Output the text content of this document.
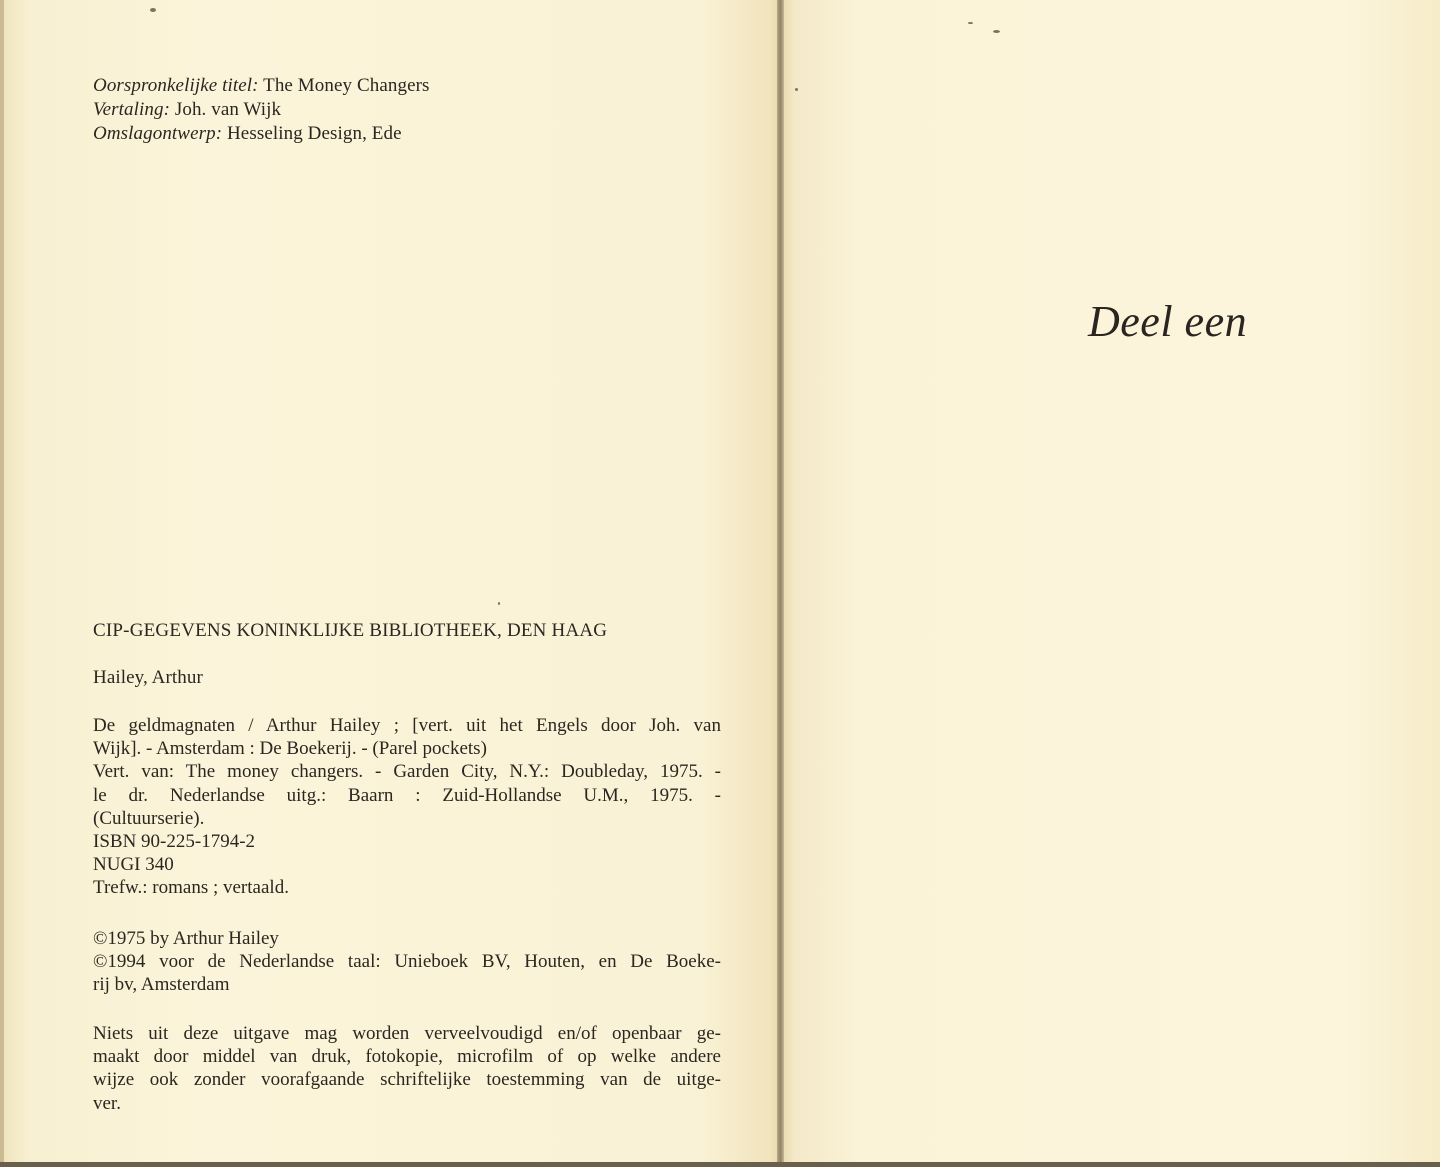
Oorspronkelijke titel: The Money Changers
Vertaling: Joh. van Wijk
Omslagontwerp: Hesseling Design, Ede
CIP-GEGEVENS KONINKLIJKE BIBLIOTHEEK, DEN HAAG
Hailey, Arthur
De geldmagnaten / Arthur Hailey ; [vert. uit het Engels door Joh. van
Wijk]. - Amsterdam : De Boekerij. - (Parel pockets)
Vert. van: The money changers. - Garden City, N.Y.: Doubleday, 1975. -
le dr. Nederlandse uitg.: Baarn : Zuid-Hollandse U.M., 1975. -
(Cultuurserie).
ISBN 90-225-1794-2
NUGI 340
Trefw.: romans ; vertaald.
©1975 by Arthur Hailey
©1994 voor de Nederlandse taal: Unieboek BV, Houten, en De Boeke-
rij bv, Amsterdam
Niets uit deze uitgave mag worden verveelvoudigd en/of openbaar ge-
maakt door middel van druk, fotokopie, microfilm of op welke andere
wijze ook zonder voorafgaande schriftelijke toestemming van de uitge-
ver.
Deel een
